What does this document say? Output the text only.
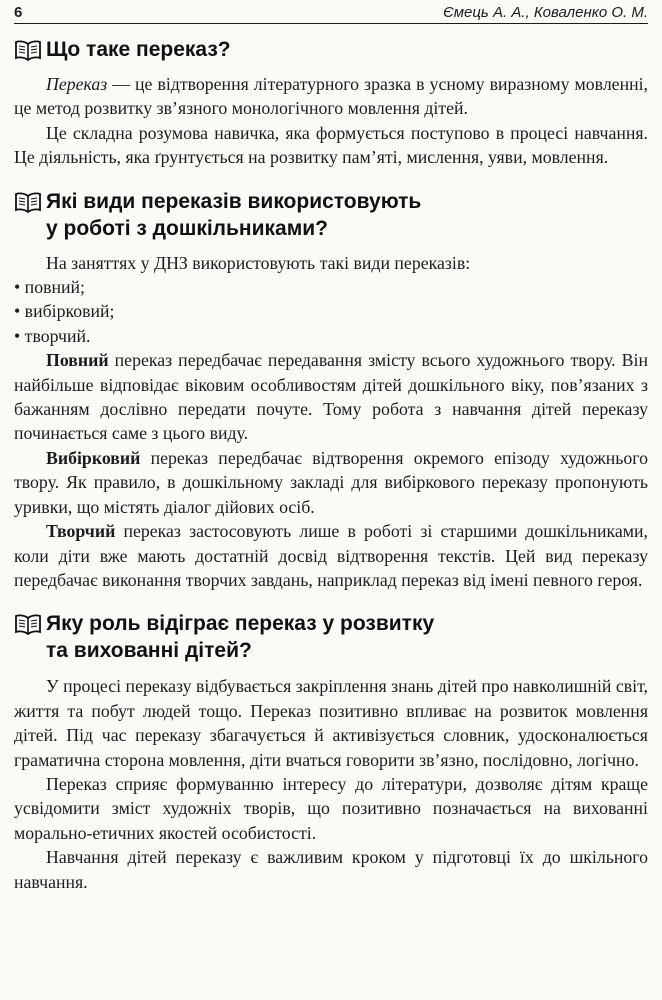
6	Ємець А. А., Коваленко О. М.
Що таке переказ?

Переказ — це відтворення літературного зразка в усному виразному мовленні, це метод розвитку зв’язного монологічного мовлення дітей.

Це складна розумова навичка, яка формується поступово в процесі навчання. Це діяльність, яка ґрунтується на розвитку пам’яті, мислення, уяви, мовлення.

Які види переказів використовують
у роботі з дошкільниками?

На заняттях у ДНЗ використовують такі види переказів:

• повний;
• вибірковий;
• творчий.

Повний переказ передбачає передавання змісту всього художнього твору. Він найбільше відповідає віковим особливостям дітей дошкільного віку, пов’язаних з бажанням дослівно передати почуте. Тому робота з навчання дітей переказу починається саме з цього виду.

Вибірковий переказ передбачає відтворення окремого епізоду художнього твору. Як правило, в дошкільному закладі для вибіркового переказу пропонують уривки, що містять діалог дійових осіб.

Творчий переказ застосовують лише в роботі зі старшими дошкільниками, коли діти вже мають достатній досвід відтворення текстів. Цей вид переказу передбачає виконання творчих завдань, наприклад переказ від імені певного героя.

Яку роль відіграє переказ у розвитку
та вихованні дітей?

У процесі переказу відбувається закріплення знань дітей про навколишній світ, життя та побут людей тощо. Переказ позитивно впливає на розвиток мовлення дітей. Під час переказу збагачується й активізується словник, удосконалюється граматична сторона мовлення, діти вчаться говорити зв’язно, послідовно, логічно.

Переказ сприяє формуванню інтересу до літератури, дозволяє дітям краще усвідомити зміст художніх творів, що позитивно позначається на вихованні морально-етичних якостей особистості.

Навчання дітей переказу є важливим кроком у підготовці їх до шкільного навчання.
